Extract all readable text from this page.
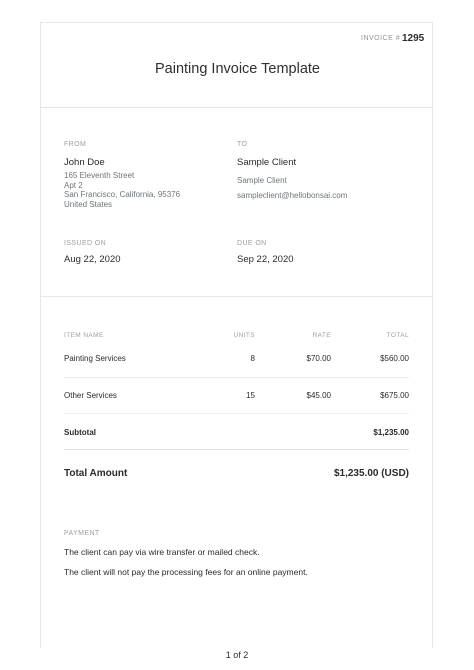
INVOICE # 1295
Painting Invoice Template
FROM
John Doe
165 Eleventh Street
Apt 2
San Francisco, California, 95376
United States
TO
Sample Client
Sample Client
sampleclient@hellobonsai.com
ISSUED ON
Aug 22, 2020
DUE ON
Sep 22, 2020
ITEM NAME	UNITS	RATE	TOTAL
Painting Services	8	$70.00	$560.00
Other Services	15	$45.00	$675.00
Subtotal	$1,235.00
Total Amount	$1,235.00 (USD)
PAYMENT
The client can pay via wire transfer or mailed check.
The client will not pay the processing fees for an online payment.
1 of 2
